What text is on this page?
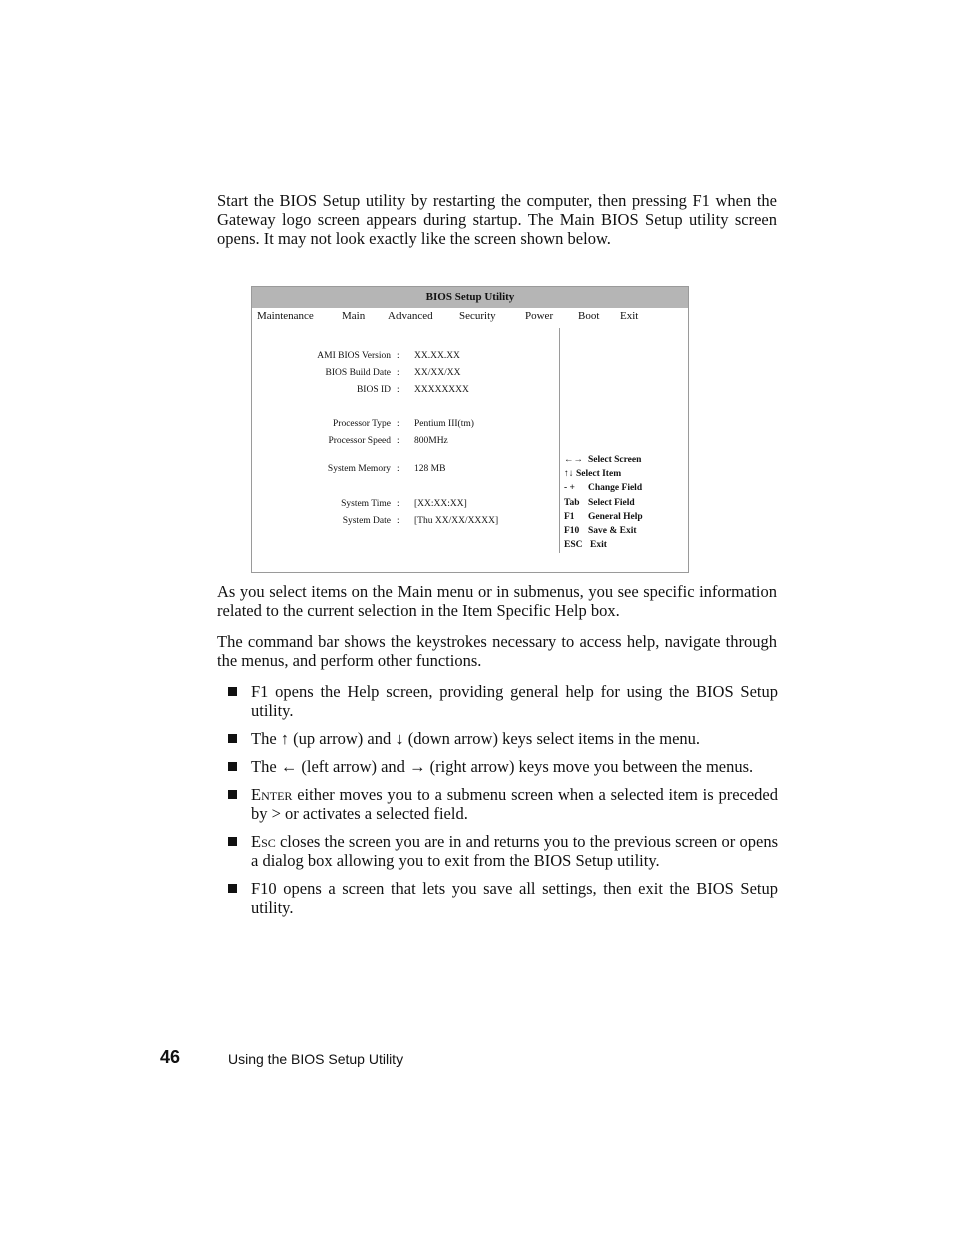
Start the BIOS Setup utility by restarting the computer, then pressing F1 when the Gateway logo screen appears during startup. The Main BIOS Setup utility screen opens. It may not look exactly like the screen shown below.

BIOS Setup Utility
Maintenance	Main Advanced Security	Power Boot Exit
AMI BIOS Version : XX.XX.XX
BIOS Build Date : XX/XX/XX
BIOS ID : XXXXXXXX
Processor Type : Pentium III(tm)
Processor Speed : 800MHz
System Memory : 128 MB
System Time : [XX:XX:XX]
System Date : [Thu XX/XX/XXXX]
←→ Select Screen
↑↓ Select Item
- + Change Field
Tab Select Field
F1 General Help
F10 Save & Exit
ESC Exit

As you select items on the Main menu or in submenus, you see specific information related to the current selection in the Item Specific Help box.

The command bar shows the keystrokes necessary to access help, navigate through the menus, and perform other functions.

F1 opens the Help screen, providing general help for using the BIOS Setup utility.
The ↑ (up arrow) and ↓ (down arrow) keys select items in the menu.
The ← (left arrow) and → (right arrow) keys move you between the menus.
Enter either moves you to a submenu screen when a selected item is preceded by > or activates a selected field.
Esc closes the screen you are in and returns you to the previous screen or opens a dialog box allowing you to exit from the BIOS Setup utility.
F10 opens a screen that lets you save all settings, then exit the BIOS Setup utility.
46	Using the BIOS Setup Utility
